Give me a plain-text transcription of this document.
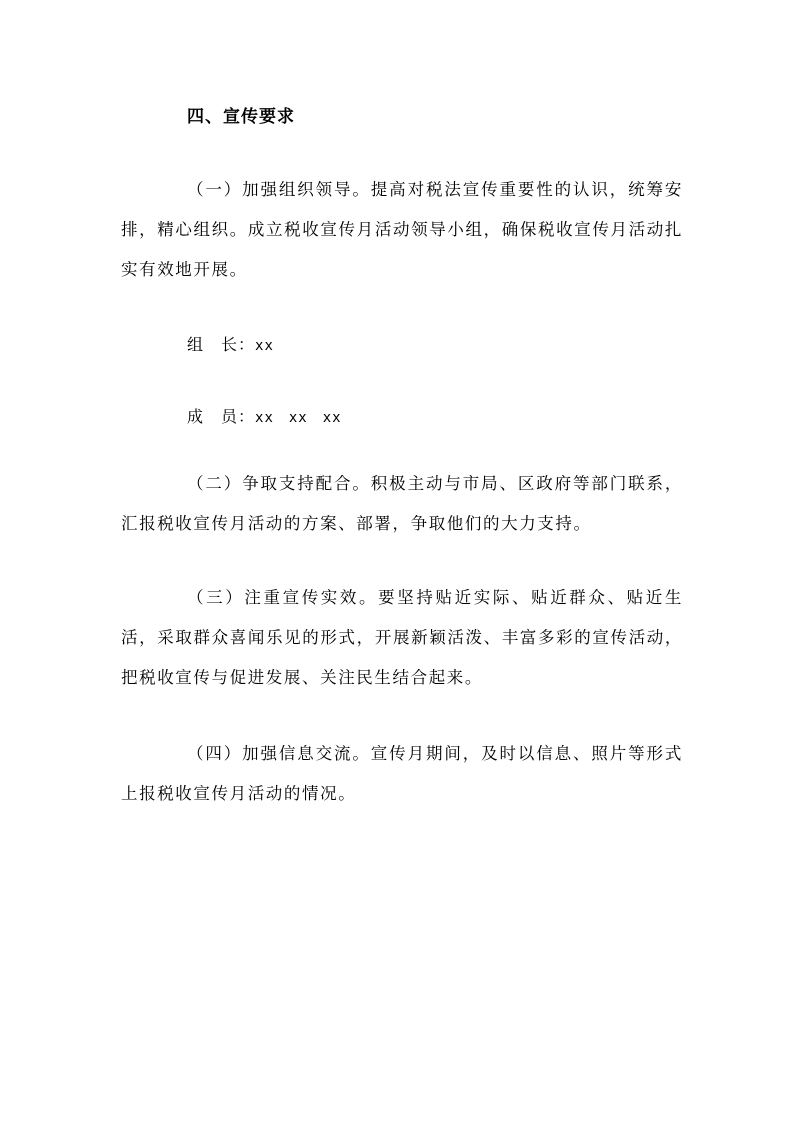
四、宣传要求

（一）加强组织领导。提高对税法宣传重要性的认识，统筹安排，精心组织。成立税收宣传月活动领导小组，确保税收宣传月活动扎实有效地开展。

组　长：xx
成　员：xx　xx　xx

（二）争取支持配合。积极主动与市局、区政府等部门联系，汇报税收宣传月活动的方案、部署，争取他们的大力支持。

（三）注重宣传实效。要坚持贴近实际、贴近群众、贴近生活，采取群众喜闻乐见的形式，开展新颖活泼、丰富多彩的宣传活动，把税收宣传与促进发展、关注民生结合起来。

（四）加强信息交流。宣传月期间，及时以信息、照片等形式上报税收宣传月活动的情况。
